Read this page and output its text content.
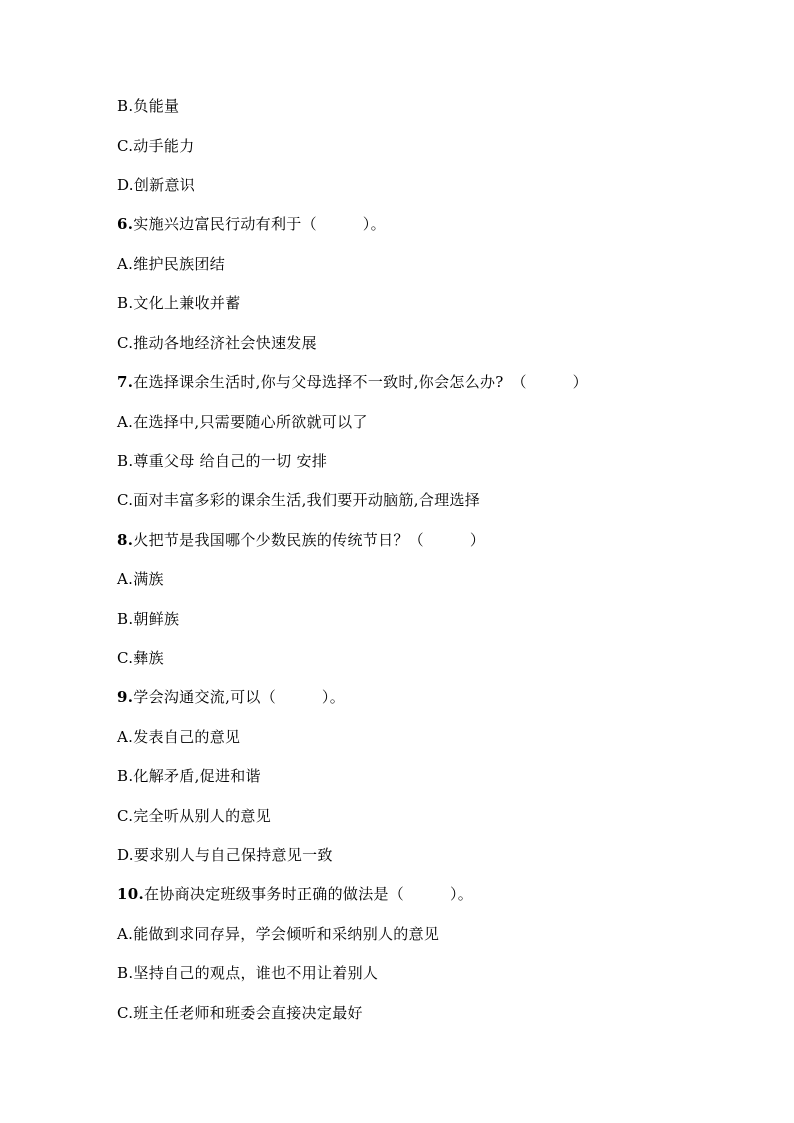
B.负能量
C.动手能力
D.创新意识
6.实施兴边富民行动有利于（　　　）。
A.维护民族团结
B.文化上兼收并蓄
C.推动各地经济社会快速发展
7.在选择课余生活时,你与父母选择不一致时,你会怎么办?　（　　　）
A.在选择中,只需要随心所欲就可以了
B.尊重父母 给自己的一切 安排
C.面对丰富多彩的课余生活,我们要开动脑筋,合理选择
8.火把节是我国哪个少数民族的传统节日？（　　　）
A.满族
B.朝鲜族
C.彝族
9.学会沟通交流,可以（　　　）。
A.发表自己的意见
B.化解矛盾,促进和谐
C.完全听从别人的意见
D.要求别人与自己保持意见一致
10.在协商决定班级事务时正确的做法是（　　　）。
A.能做到求同存异，学会倾听和采纳别人的意见
B.坚持自己的观点，谁也不用让着别人
C.班主任老师和班委会直接决定最好
